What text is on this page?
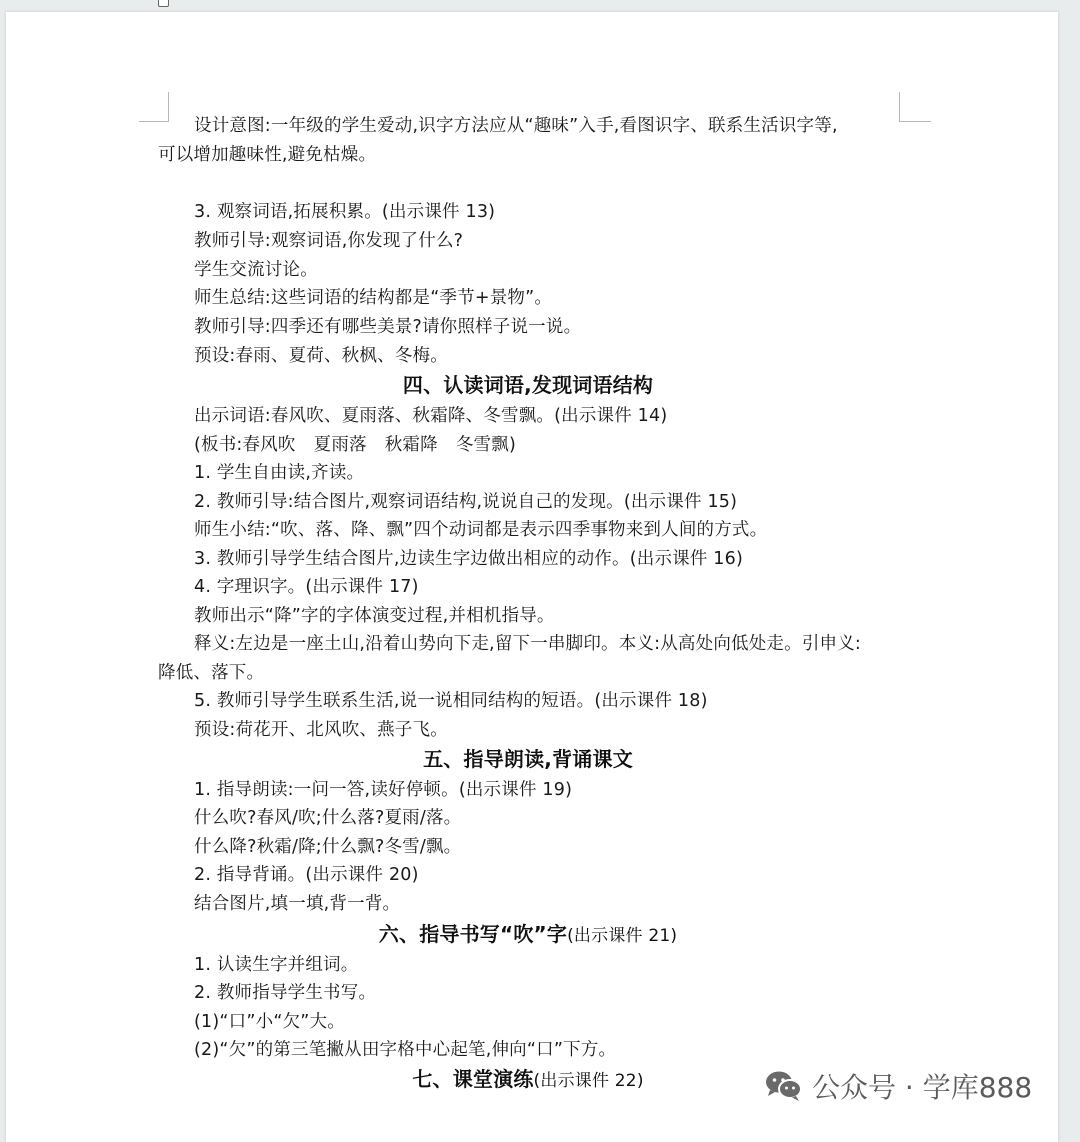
设计意图:一年级的学生爱动,识字方法应从“趣味”入手,看图识字、联系生活识字等,
可以增加趣味性,避免枯燥。
3. 观察词语,拓展积累。(出示课件 13)
教师引导:观察词语,你发现了什么?
学生交流讨论。
师生总结:这些词语的结构都是“季节+景物”。
教师引导:四季还有哪些美景?请你照样子说一说。
预设:春雨、夏荷、秋枫、冬梅。
四、认读词语,发现词语结构
出示词语:春风吹、夏雨落、秋霜降、冬雪飘。(出示课件 14)
(板书:春风吹 夏雨落 秋霜降 冬雪飘)
1. 学生自由读,齐读。
2. 教师引导:结合图片,观察词语结构,说说自己的发现。(出示课件 15)
师生小结:“吹、落、降、飘”四个动词都是表示四季事物来到人间的方式。
3. 教师引导学生结合图片,边读生字边做出相应的动作。(出示课件 16)
4. 字理识字。(出示课件 17)
教师出示“降”字的字体演变过程,并相机指导。
释义:左边是一座土山,沿着山势向下走,留下一串脚印。本义:从高处向低处走。引申义:
降低、落下。
5. 教师引导学生联系生活,说一说相同结构的短语。(出示课件 18)
预设:荷花开、北风吹、燕子飞。
五、指导朗读,背诵课文
1. 指导朗读:一问一答,读好停顿。(出示课件 19)
什么吹?春风/吹;什么落?夏雨/落。
什么降?秋霜/降;什么飘?冬雪/飘。
2. 指导背诵。(出示课件 20)
结合图片,填一填,背一背。
六、指导书写“吹”字(出示课件 21)
1. 认读生字并组词。
2. 教师指导学生书写。
(1)“口”小“欠”大。
(2)“欠”的第三笔撇从田字格中心起笔,伸向“口”下方。
七、课堂演练(出示课件 22)	公众号 · 学库888
